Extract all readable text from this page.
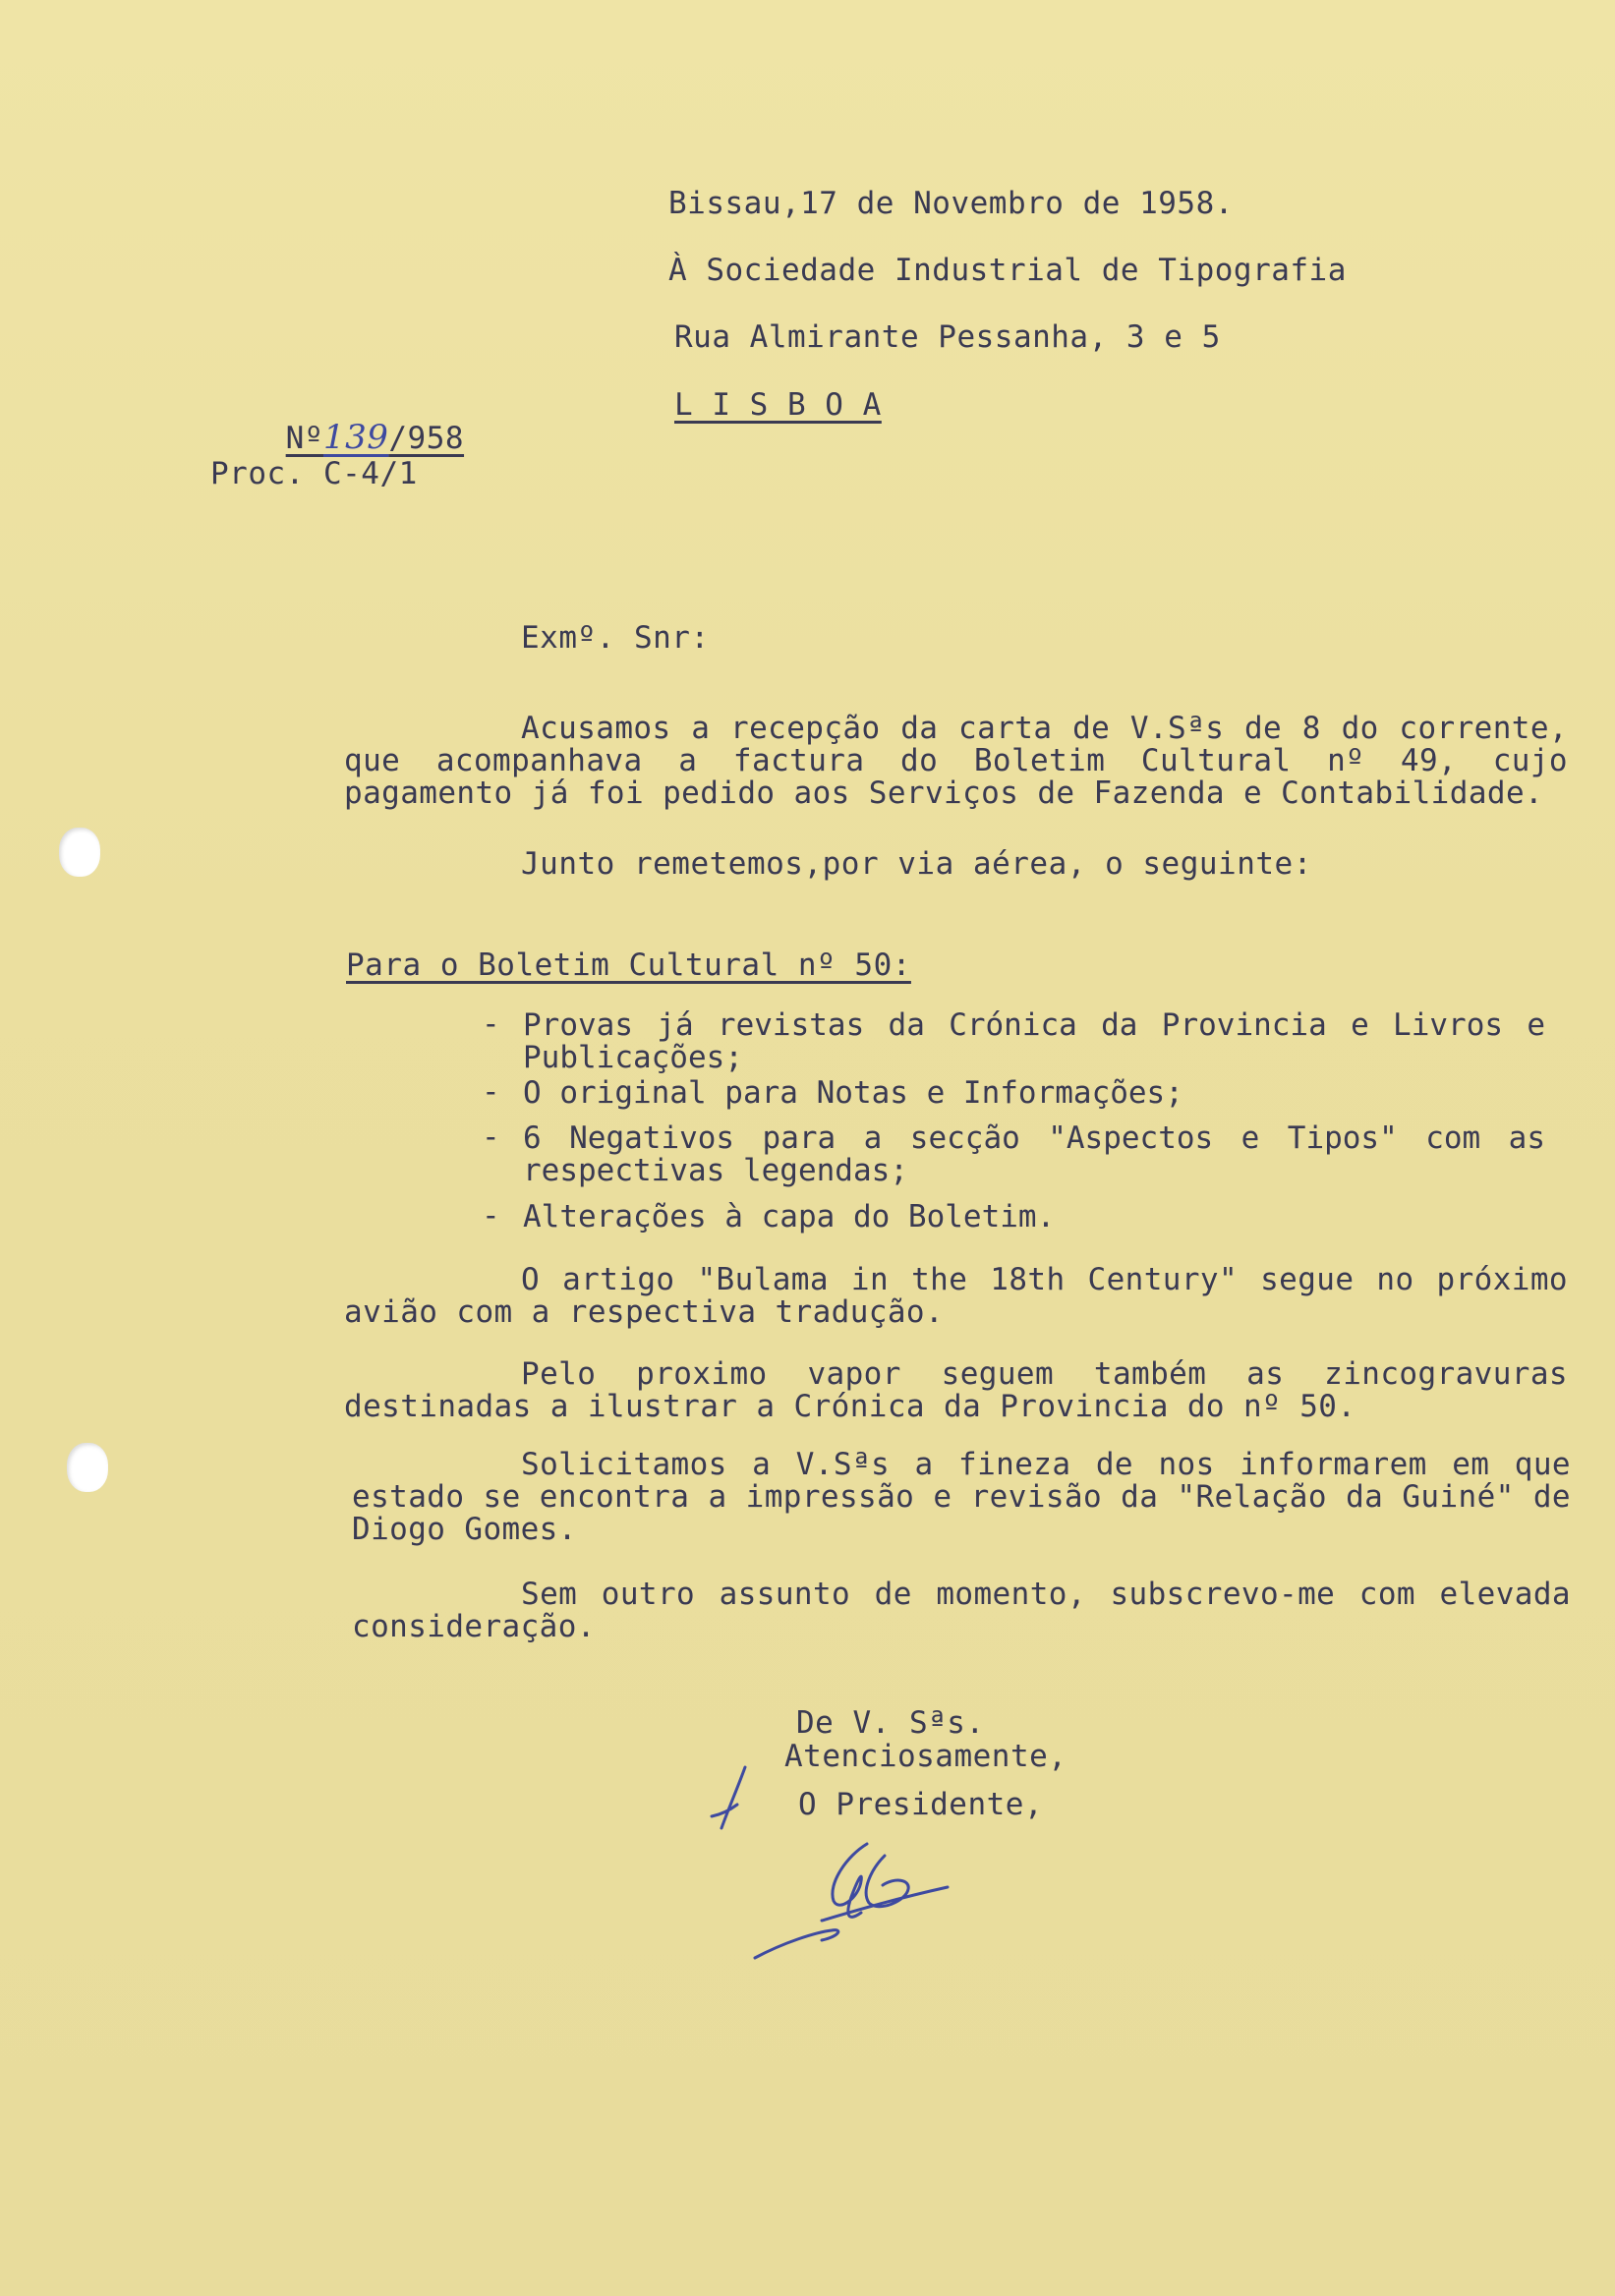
Bissau,17 de Novembro de 1958.
À Sociedade Industrial de Tipografia
Rua Almirante Pessanha, 3 e 5
L I S B O A

Nº139/958

Proc. C-4/1
Exmº. Snr:
Acusamos a recepção da carta de V.Sªs de 8 do corrente, que acompanhava a factura do Boletim Cultural nº 49, cujo pagamento já foi pedido aos Serviços de Fazenda e Contabilidade.
Junto remetemos,por via aérea, o seguinte:
Para o Boletim Cultural nº 50:
- Provas já revistas da Crónica da Provincia e Livros e Publicações;
- O original para Notas e Informações;
- 6 Negativos para a secção "Aspectos e Tipos" com as respectivas legendas;
- Alterações à capa do Boletim.
O artigo "Bulama in the 18th Century" segue no próximo avião com a respectiva tradução.
Pelo proximo vapor seguem também as zincogravuras destinadas a ilustrar a Crónica da Provincia do nº 50.
Solicitamos a V.Sªs a fineza de nos informarem em que estado se encontra a impressão e revisão da "Relação da Guiné" de Diogo Gomes.
Sem outro assunto de momento, subscrevo-me com elevada consideração.
De V. Sªs.
Atenciosamente,
O Presidente,
